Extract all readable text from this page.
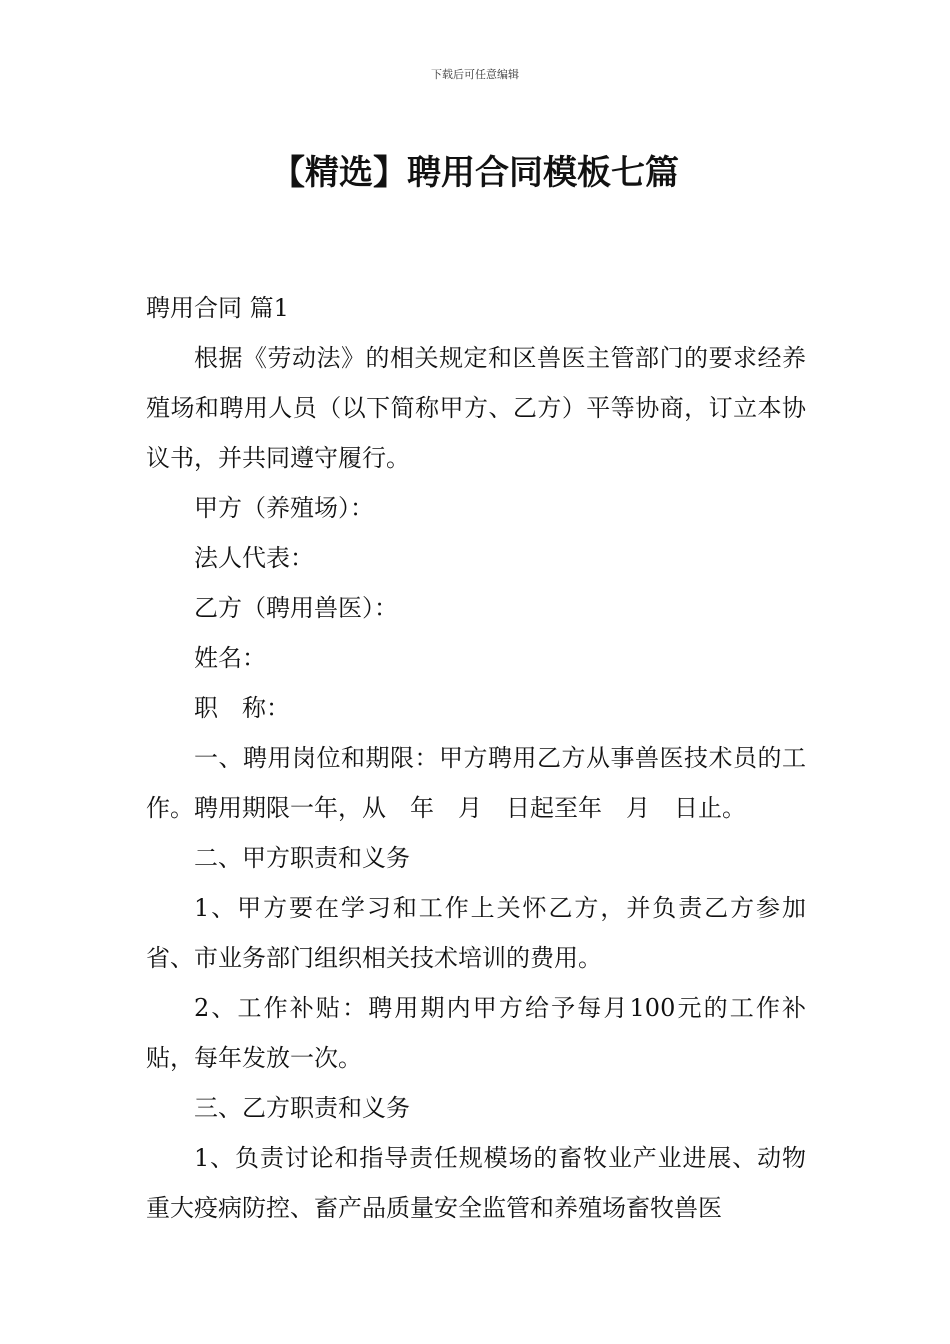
下载后可任意编辑
【精选】聘用合同模板七篇

聘用合同 篇1

根据《劳动法》的相关规定和区兽医主管部门的要求经养殖场和聘用人员（以下简称甲方、乙方）平等协商，订立本协议书，并共同遵守履行。

甲方（养殖场）：

法人代表：

乙方（聘用兽医）：

姓名：

职　称：

一、聘用岗位和期限：甲方聘用乙方从事兽医技术员的工作。聘用期限一年，从　年　月　日起至年　月　日止。

二、甲方职责和义务

1、甲方要在学习和工作上关怀乙方，并负责乙方参加省、市业务部门组织相关技术培训的费用。

2、工作补贴：聘用期内甲方给予每月100元的工作补贴，每年发放一次。

三、乙方职责和义务

1、负责讨论和指导责任规模场的畜牧业产业进展、动物重大疫病防控、畜产品质量安全监管和养殖场畜牧兽医
